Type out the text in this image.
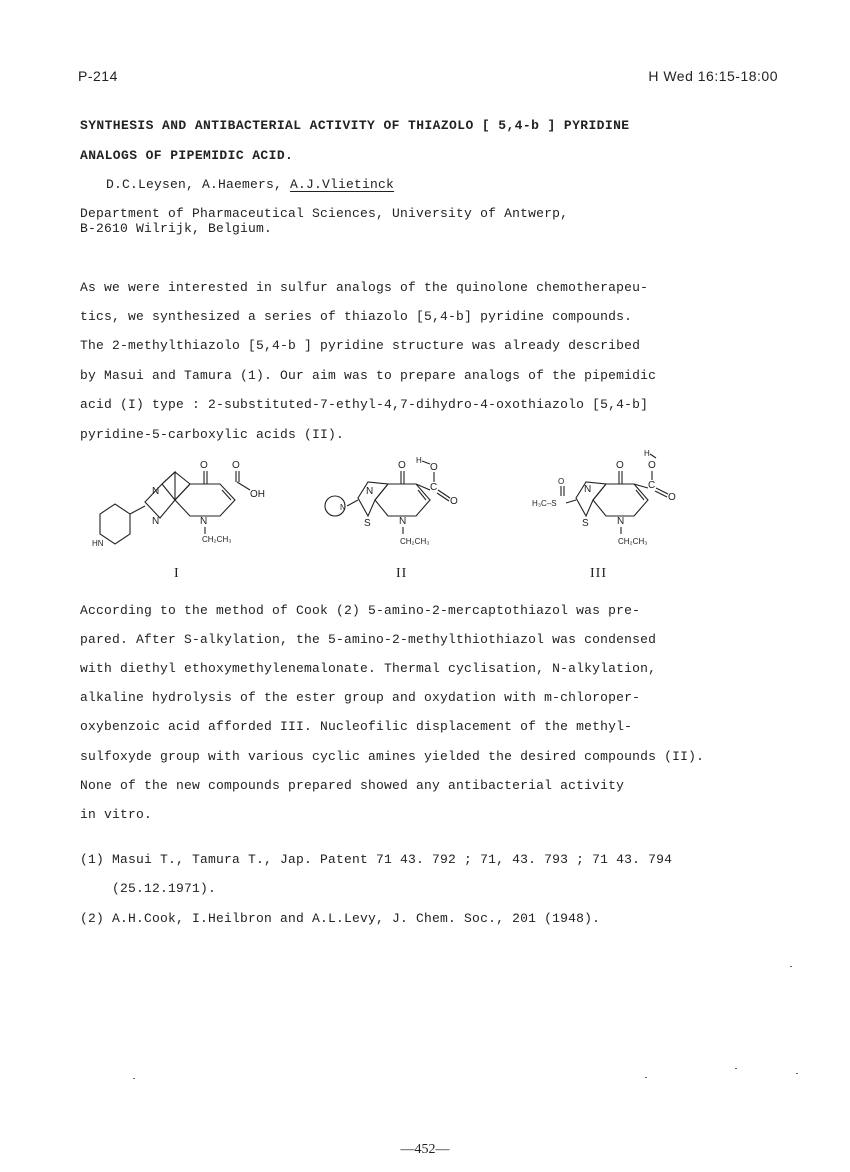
P-214	H Wed 16:15-18:00
SYNTHESIS AND ANTIBACTERIAL ACTIVITY OF THIAZOLO [ 5,4-b ] PYRIDINE
ANALOGS OF PIPEMIDIC ACID.
D.C.Leysen, A.Haemers, A.J.Vlietinck
Department of Pharmaceutical Sciences, University of Antwerp,
B-2610 Wilrijk, Belgium.
As we were interested in sulfur analogs of the quinolone chemotherapeu-
tics, we synthesized a series of thiazolo [5,4-b] pyridine compounds.
The 2-methylthiazolo [5,4-b ] pyridine structure was already described
by Masui and Tamura (1). Our aim was to prepare analogs of the pipemidic
acid (I) type : 2-substituted-7-ethyl-4,7-dihydro-4-oxothiazolo [5,4-b]
pyridine-5-carboxylic acids (II).
O O
OH
N
N	N
CH₂CH₃
HN
H
O
C
O
O
N
S	N
CH₂CH₃
N
H
O
C
O
O
N
S	N
CH₂CH₃
O
H₃C–S
I	II	III
According to the method of Cook (2) 5-amino-2-mercaptothiazol was pre-
pared. After S-alkylation, the 5-amino-2-methylthiothiazol was condensed
with diethyl ethoxymethylenemalonate. Thermal cyclisation, N-alkylation,
alkaline hydrolysis of the ester group and oxydation with m-chloroper-
oxybenzoic acid afforded III. Nucleofilic displacement of the methyl-
sulfoxyde group with various cyclic amines yielded the desired compounds (II).
None of the new compounds prepared showed any antibacterial activity
in vitro.
(1) Masui T., Tamura T., Jap. Patent 71 43. 792 ; 71, 43. 793 ; 71 43. 794
(25.12.1971).
(2) A.H.Cook, I.Heilbron and A.L.Levy, J. Chem. Soc., 201 (1948).
—452—
